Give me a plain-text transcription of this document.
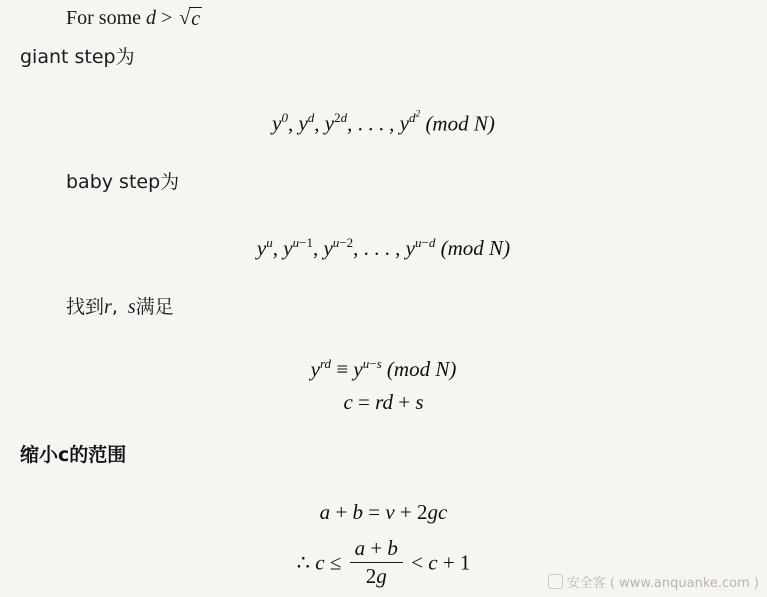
For some d > √c
giant step为
$y^0$, $y^d$, $y^{2d}$, . . . , $y^{d^2}$ (mod N)
baby step为
$y^u$, $y^{u-1}$, $y^{u-2}$, . . . , $y^{u-d}$ (mod N)
找到r, s满足
$y^{rd} \equiv y^{u-s}$ (mod N)
c = rd + s
缩小c的范围
a + b = v + 2gc
∴ $c \le \frac{a + b}{2g} < c + 1$
安全客 ( www.anquanke.com )
